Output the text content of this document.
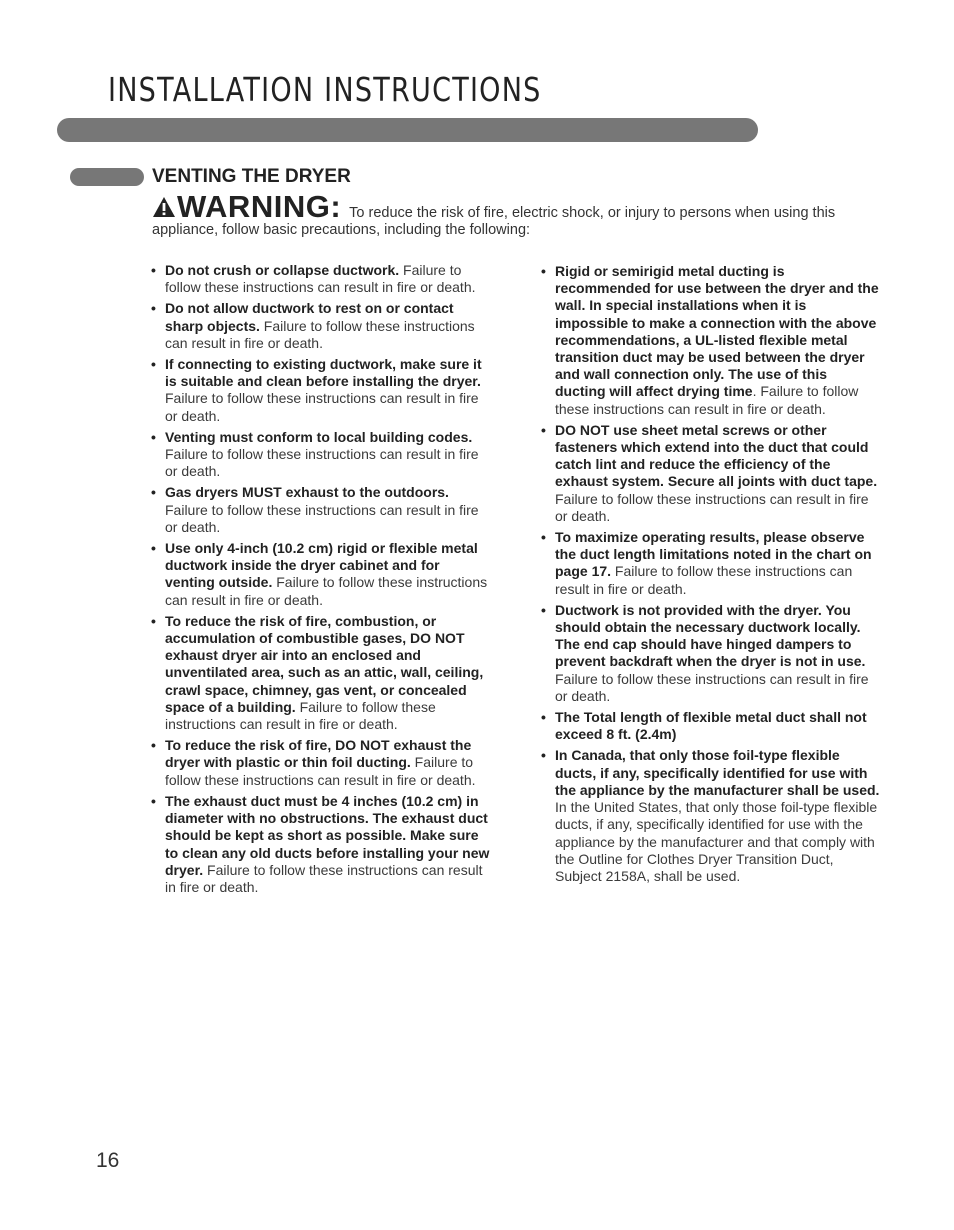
INSTALLATION INSTRUCTIONS
VENTING THE DRYER
WARNING: To reduce the risk of fire, electric shock, or injury to persons when using this appliance, follow basic precautions, including the following:
• Do not crush or collapse ductwork. Failure to follow these instructions can result in fire or death.
• Do not allow ductwork to rest on or contact sharp objects. Failure to follow these instructions can result in fire or death.
• If connecting to existing ductwork, make sure it is suitable and clean before installing the dryer. Failure to follow these instructions can result in fire or death.
• Venting must conform to local building codes. Failure to follow these instructions can result in fire or death.
• Gas dryers MUST exhaust to the outdoors. Failure to follow these instructions can result in fire or death.
• Use only 4-inch (10.2 cm) rigid or flexible metal ductwork inside the dryer cabinet and for venting outside. Failure to follow these instructions can result in fire or death.
• To reduce the risk of fire, combustion, or accumulation of combustible gases, DO NOT exhaust dryer air into an enclosed and unventilated area, such as an attic, wall, ceiling, crawl space, chimney, gas vent, or concealed space of a building. Failure to follow these instructions can result in fire or death.
• To reduce the risk of fire, DO NOT exhaust the dryer with plastic or thin foil ducting. Failure to follow these instructions can result in fire or death.
• The exhaust duct must be 4 inches (10.2 cm) in diameter with no obstructions. The exhaust duct should be kept as short as possible. Make sure to clean any old ducts before installing your new dryer. Failure to follow these instructions can result in fire or death.
• Rigid or semirigid metal ducting is recommended for use between the dryer and the wall. In special installations when it is impossible to make a connection with the above recommendations, a UL-listed flexible metal transition duct may be used between the dryer and wall connection only. The use of this ducting will affect drying time. Failure to follow these instructions can result in fire or death.
• DO NOT use sheet metal screws or other fasteners which extend into the duct that could catch lint and reduce the efficiency of the exhaust system. Secure all joints with duct tape. Failure to follow these instructions can result in fire or death.
• To maximize operating results, please observe the duct length limitations noted in the chart on page 17. Failure to follow these instructions can result in fire or death.
• Ductwork is not provided with the dryer. You should obtain the necessary ductwork locally. The end cap should have hinged dampers to prevent backdraft when the dryer is not in use. Failure to follow these instructions can result in fire or death.
• The Total length of flexible metal duct shall not exceed 8 ft. (2.4m)
• In Canada, that only those foil-type flexible ducts, if any, specifically identified for use with the appliance by the manufacturer shall be used. In the United States, that only those foil-type flexible ducts, if any, specifically identified for use with the appliance by the manufacturer and that comply with the Outline for Clothes Dryer Transition Duct, Subject 2158A, shall be used.
16
